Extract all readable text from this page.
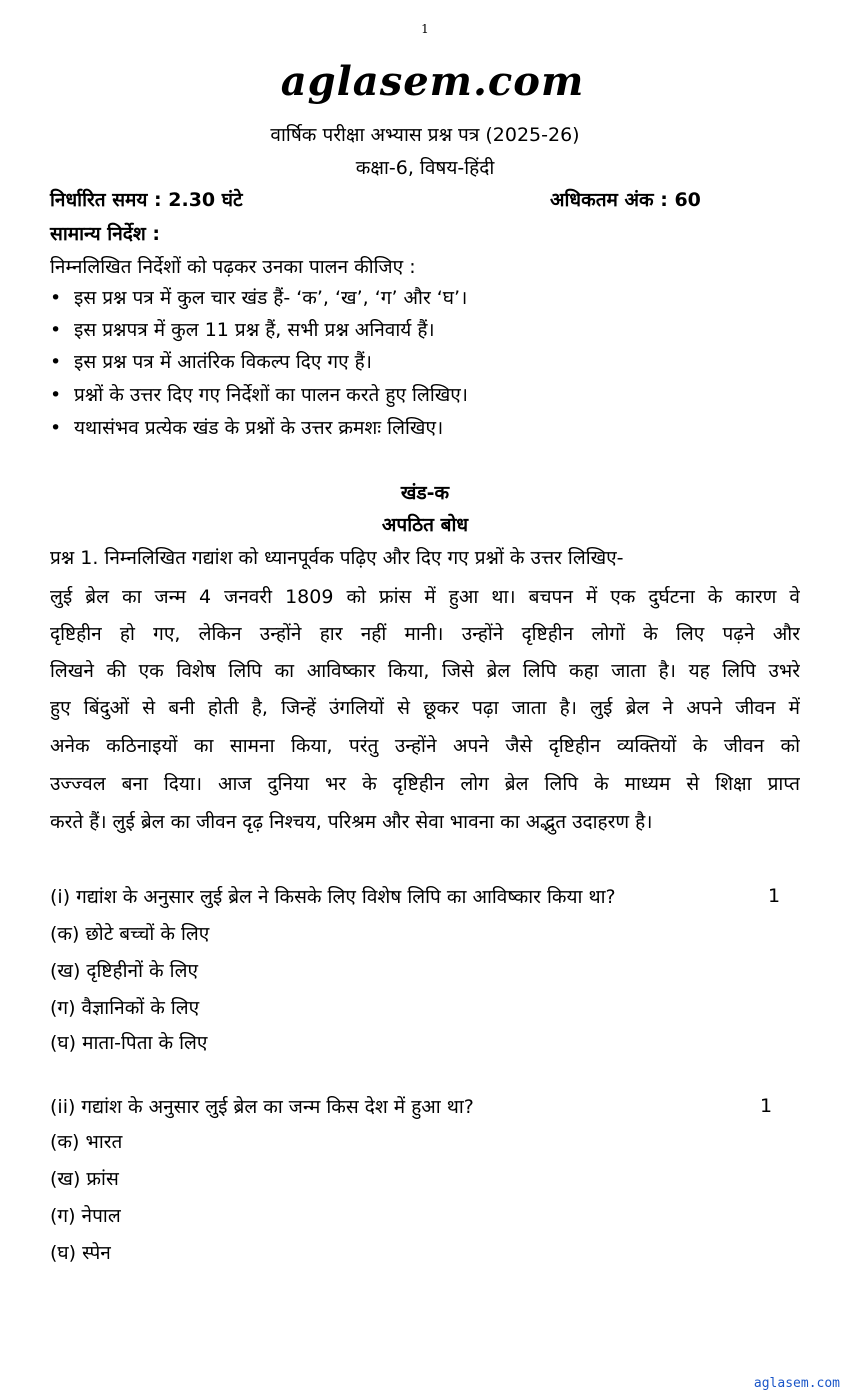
1
aglasem.com
वार्षिक परीक्षा अभ्यास प्रश्न पत्र (2025-26)
कक्षा-6, विषय-हिंदी
निर्धारित समय : 2.30 घंटे	अधिकतम अंक : 60
सामान्य निर्देश :
निम्नलिखित निर्देशों को पढ़कर उनका पालन कीजिए :
• इस प्रश्न पत्र में कुल चार खंड हैं- ‘क’, ‘ख’, ‘ग’ और ‘घ’।
• इस प्रश्नपत्र में कुल 11 प्रश्न हैं, सभी प्रश्न अनिवार्य हैं।
• इस प्रश्न पत्र में आतंरिक विकल्प दिए गए हैं।
• प्रश्नों के उत्तर दिए गए निर्देशों का पालन करते हुए लिखिए।
• यथासंभव प्रत्येक खंड के प्रश्नों के उत्तर क्रमशः लिखिए।
खंड-क
अपठित बोध
प्रश्न 1. निम्नलिखित गद्यांश को ध्यानपूर्वक पढ़िए और दिए गए प्रश्नों के उत्तर लिखिए-
लुई ब्रेल का जन्म 4 जनवरी 1809 को फ्रांस में हुआ था। बचपन में एक दुर्घटना के कारण वे
दृष्टिहीन हो गए, लेकिन उन्होंने हार नहीं मानी। उन्होंने दृष्टिहीन लोगों के लिए पढ़ने और
लिखने की एक विशेष लिपि का आविष्कार किया, जिसे ब्रेल लिपि कहा जाता है। यह लिपि उभरे
हुए बिंदुओं से बनी होती है, जिन्हें उंगलियों से छूकर पढ़ा जाता है। लुई ब्रेल ने अपने जीवन में
अनेक कठिनाइयों का सामना किया, परंतु उन्होंने अपने जैसे दृष्टिहीन व्यक्तियों के जीवन को
उज्ज्वल बना दिया। आज दुनिया भर के दृष्टिहीन लोग ब्रेल लिपि के माध्यम से शिक्षा प्राप्त
करते हैं। लुई ब्रेल का जीवन दृढ़ निश्चय, परिश्रम और सेवा भावना का अद्भुत उदाहरण है।
(i) गद्यांश के अनुसार लुई ब्रेल ने किसके लिए विशेष लिपि का आविष्कार किया था?	1
(क) छोटे बच्चों के लिए
(ख) दृष्टिहीनों के लिए
(ग) वैज्ञानिकों के लिए
(घ) माता-पिता के लिए
(ii) गद्यांश के अनुसार लुई ब्रेल का जन्म किस देश में हुआ था?	1
(क) भारत
(ख) फ्रांस
(ग) नेपाल
(घ) स्पेन
aglasem.com
